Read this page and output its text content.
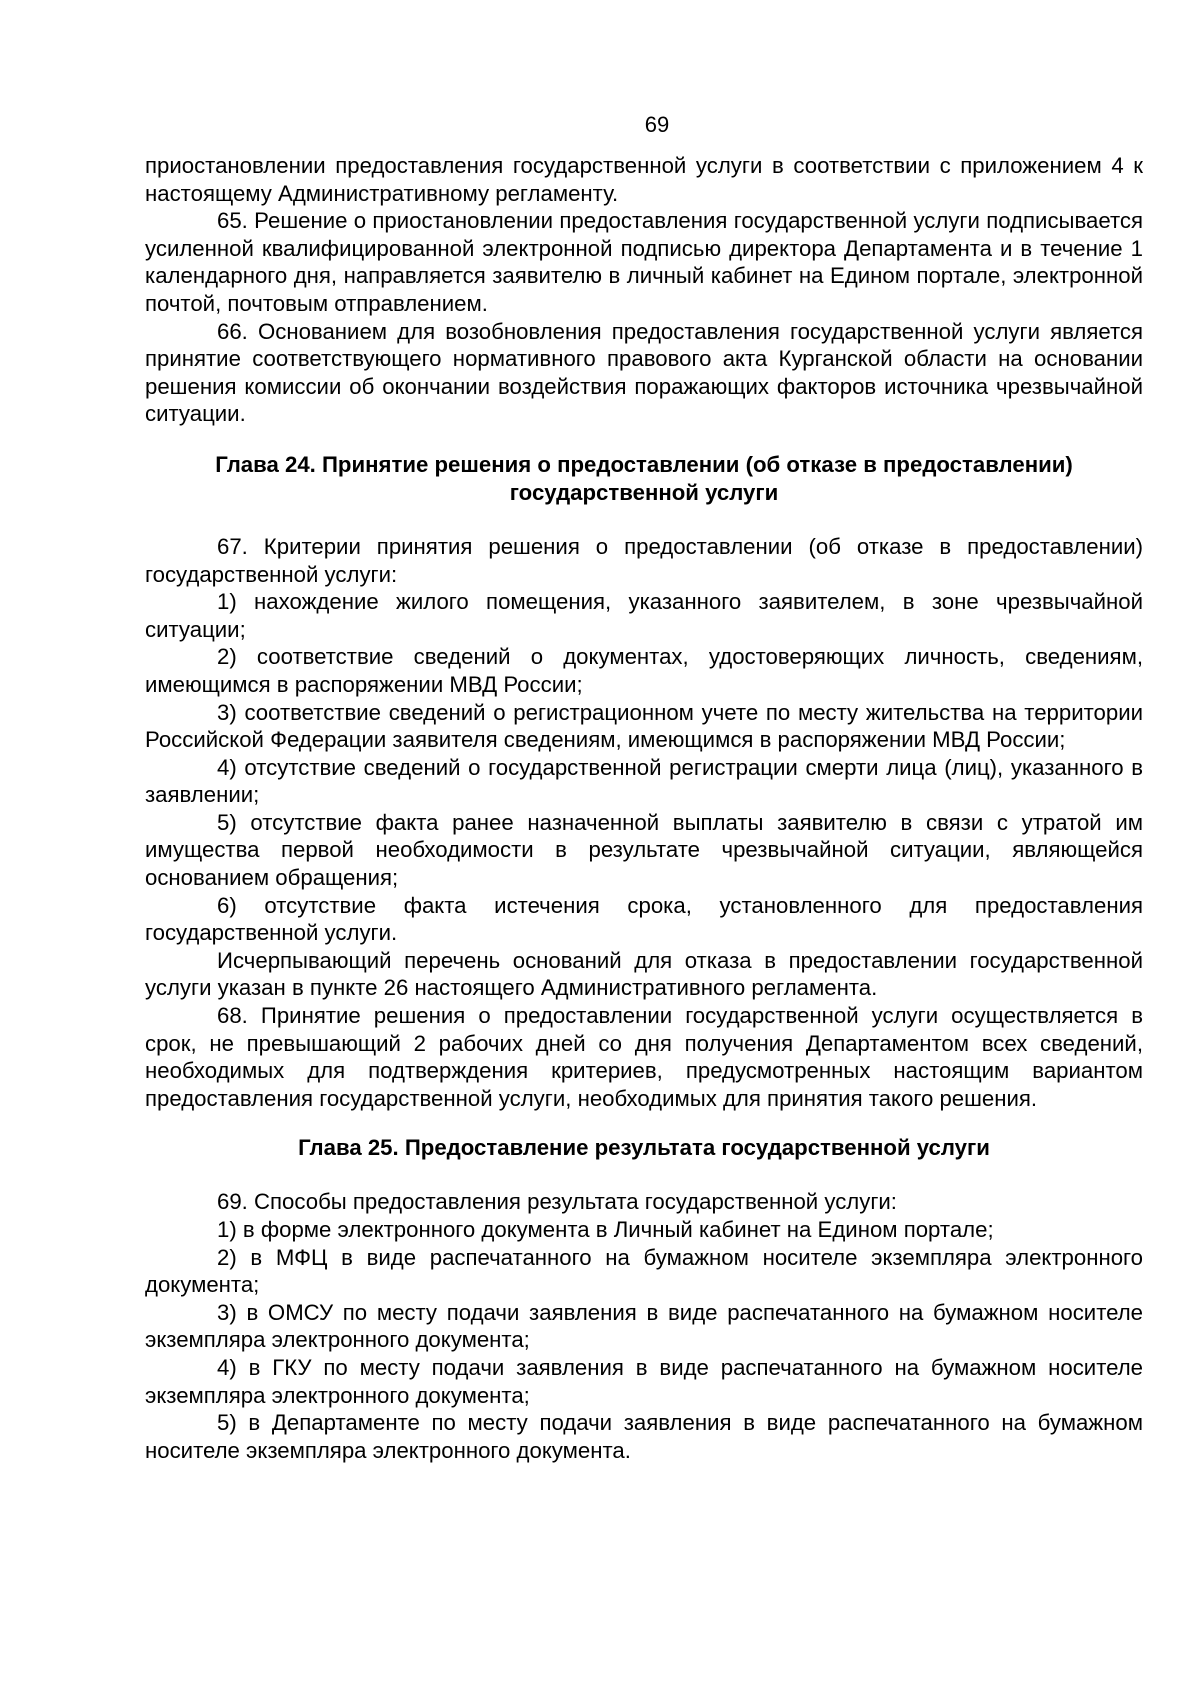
69

приостановлении предоставления государственной услуги в соответствии с приложением 4 к настоящему Административному регламенту.

65. Решение о приостановлении предоставления государственной услуги подписывается усиленной квалифицированной электронной подписью директора Департамента и в течение 1 календарного дня, направляется заявителю в личный кабинет на Едином портале, электронной почтой, почтовым отправлением.

66. Основанием для возобновления предоставления государственной услуги является принятие соответствующего нормативного правового акта Курганской области на основании решения комиссии об окончании воздействия поражающих факторов источника чрезвычайной ситуации.

Глава 24. Принятие решения о предоставлении (об отказе в предоставлении)

государственной услуги

67. Критерии принятия решения о предоставлении (об отказе в предоставлении) государственной услуги:

1) нахождение жилого помещения, указанного заявителем, в зоне чрезвычайной ситуации;

2) соответствие сведений о документах, удостоверяющих личность, сведениям, имеющимся в распоряжении МВД России;

3) соответствие сведений о регистрационном учете по месту жительства на территории Российской Федерации заявителя сведениям, имеющимся в распоряжении МВД России;

4) отсутствие сведений о государственной регистрации смерти лица (лиц), указанного в заявлении;

5) отсутствие факта ранее назначенной выплаты заявителю в связи с утратой им имущества первой необходимости в результате чрезвычайной ситуации, являющейся основанием обращения;

6) отсутствие факта истечения срока, установленного для предоставления государственной услуги.

Исчерпывающий перечень оснований для отказа в предоставлении государственной услуги указан в пункте 26 настоящего Административного регламента.

68. Принятие решения о предоставлении государственной услуги осуществляется в срок, не превышающий 2 рабочих дней со дня получения Департаментом всех сведений, необходимых для подтверждения критериев, предусмотренных настоящим вариантом предоставления государственной услуги, необходимых для принятия такого решения.

Глава 25. Предоставление результата государственной услуги

69. Способы предоставления результата государственной услуги:

1) в форме электронного документа в Личный кабинет на Едином портале;

2) в МФЦ в виде распечатанного на бумажном носителе экземпляра электронного документа;

3) в ОМСУ по месту подачи заявления в виде распечатанного на бумажном носителе экземпляра электронного документа;

4) в ГКУ по месту подачи заявления в виде распечатанного на бумажном носителе экземпляра электронного документа;

5) в Департаменте по месту подачи заявления в виде распечатанного на бумажном носителе экземпляра электронного документа.
